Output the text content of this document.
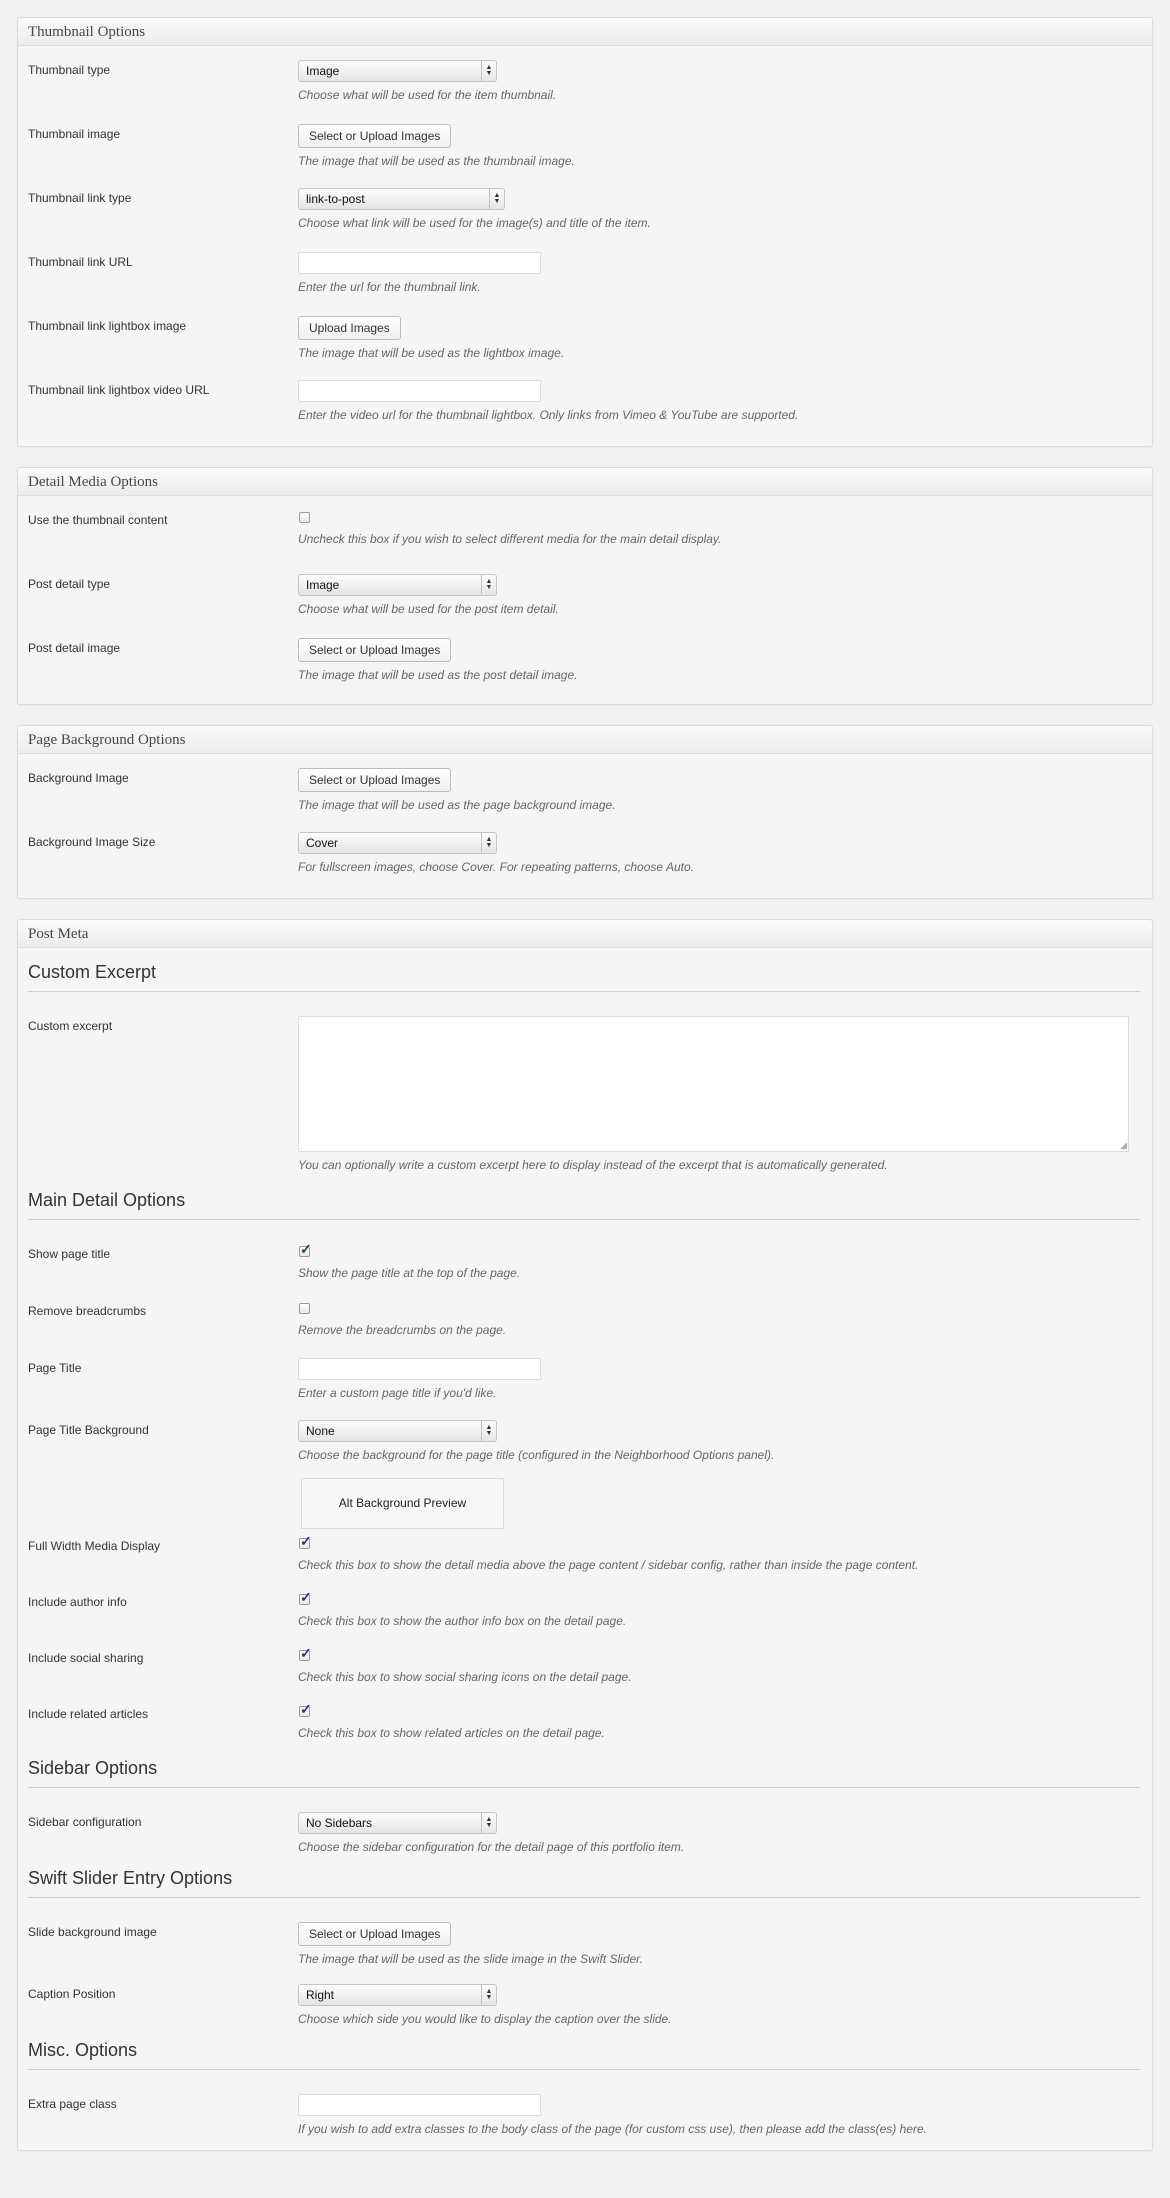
Thumbnail Options
Thumbnail type	Image	▲
▼
Choose what will be used for the item thumbnail.
Thumbnail image	Select or Upload Images
The image that will be used as the thumbnail image.
Thumbnail link type	link-to-post	▲
▼
Choose what link will be used for the image(s) and title of the item.
Thumbnail link URL
Enter the url for the thumbnail link.
Thumbnail link lightbox image	Upload Images
The image that will be used as the lightbox image.
Thumbnail link lightbox video URL
Enter the video url for the thumbnail lightbox. Only links from Vimeo & YouTube are supported.
Detail Media Options
Use the thumbnail content
Uncheck this box if you wish to select different media for the main detail display.
Post detail type	Image	▲
▼
Choose what will be used for the post item detail.
Post detail image	Select or Upload Images
The image that will be used as the post detail image.
Page Background Options
Background Image	Select or Upload Images
The image that will be used as the page background image.
Background Image Size	Cover	▲
▼
For fullscreen images, choose Cover. For repeating patterns, choose Auto.
Post Meta
Custom Excerpt
Custom excerpt
◢
You can optionally write a custom excerpt here to display instead of the excerpt that is automatically generated.
Main Detail Options
Show page title	✓
Show the page title at the top of the page.
Remove breadcrumbs
Remove the breadcrumbs on the page.
Page Title
Enter a custom page title if you'd like.
Page Title Background	None	▲
▼
Choose the background for the page title (configured in the Neighborhood Options panel).
Alt Background Preview
Full Width Media Display	✓
Check this box to show the detail media above the page content / sidebar config, rather than inside the page content.
Include author info	✓
Check this box to show the author info box on the detail page.
Include social sharing	✓
Check this box to show social sharing icons on the detail page.
Include related articles	✓
Check this box to show related articles on the detail page.
Sidebar Options
Sidebar configuration	No Sidebars	▲
▼
Choose the sidebar configuration for the detail page of this portfolio item.
Swift Slider Entry Options
Slide background image	Select or Upload Images
The image that will be used as the slide image in the Swift Slider.
Caption Position	Right	▲
▼
Choose which side you would like to display the caption over the slide.
Misc. Options
Extra page class
If you wish to add extra classes to the body class of the page (for custom css use), then please add the class(es) here.
